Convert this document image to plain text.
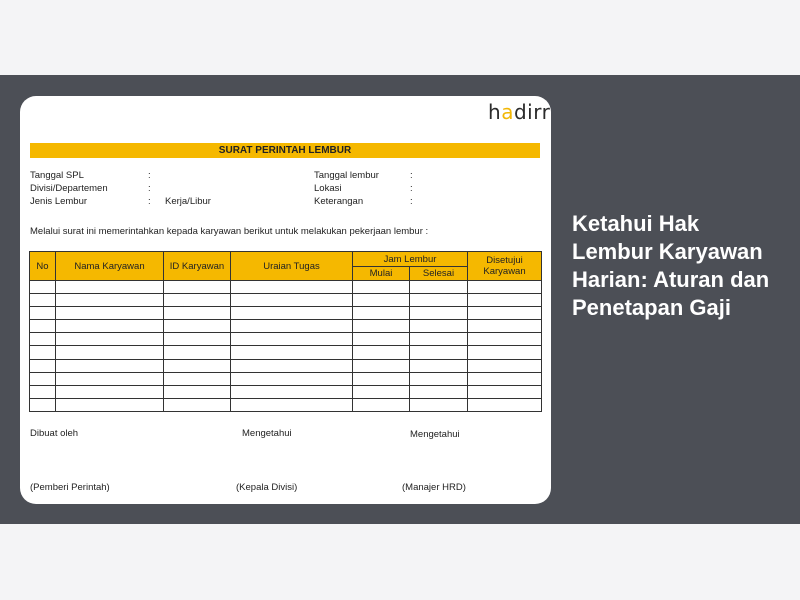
hadirr
SURAT PERINTAH LEMBUR
Tanggal SPL	:
Divisi/Departemen	:
Jenis Lembur	: Kerja/Libur
Tanggal lembur	:
Lokasi	:
Keterangan	:
Melalui surat ini memerintahkan kepada karyawan berikut untuk melakukan pekerjaan lembur :
No	Nama Karyawan	ID Karyawan	Uraian Tugas	Jam Lembur		Disetujui Karyawan
				Mulai	Selesai	

Dibuat oleh	Mengetahui	Mengetahui
(Pemberi Perintah)	(Kepala Divisi)	(Manajer HRD)
Ketahui Hak Lembur Karyawan Harian: Aturan dan Penetapan Gaji
